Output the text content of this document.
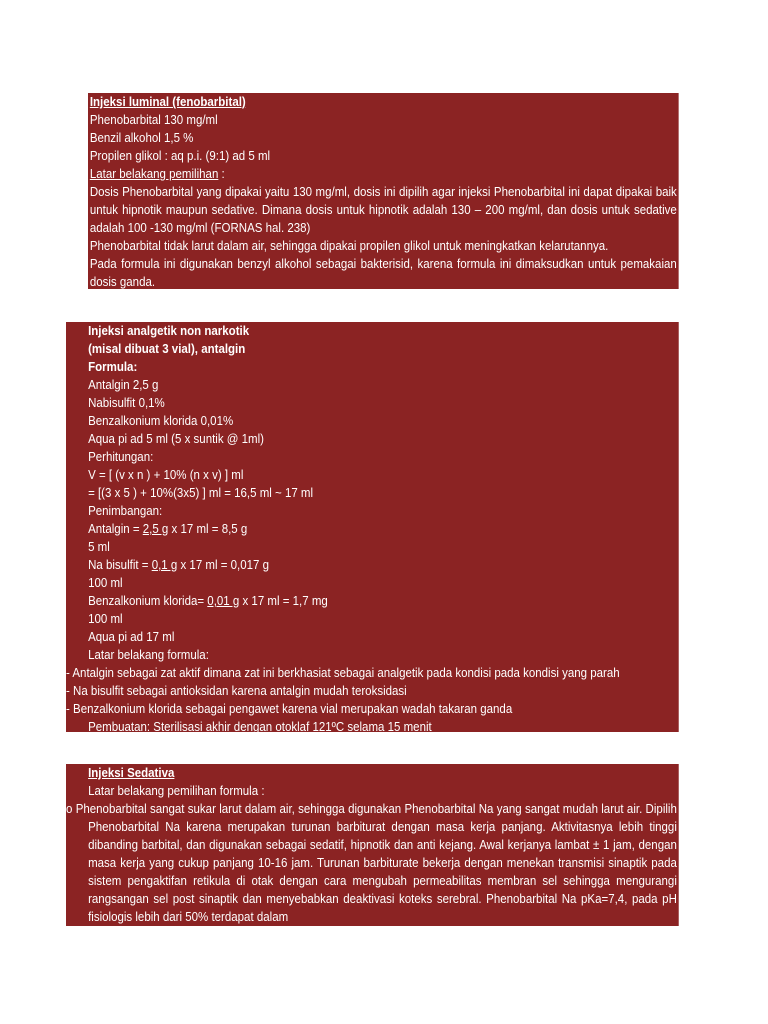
Injeksi luminal (fenobarbital)
Phenobarbital 130 mg/ml
Benzil alkohol 1,5 %
Propilen glikol : aq p.i. (9:1) ad 5 ml
Latar belakang pemilihan :
Dosis Phenobarbital yang dipakai yaitu 130 mg/ml, dosis ini dipilih agar injeksi Phenobarbital ini dapat dipakai baik untuk hipnotik maupun sedative. Dimana dosis untuk hipnotik adalah 130 – 200 mg/ml, dan dosis untuk sedative adalah 100 -130 mg/ml (FORNAS hal. 238)
Phenobarbital tidak larut dalam air, sehingga dipakai propilen glikol untuk meningkatkan kelarutannya.
Pada formula ini digunakan benzyl alkohol sebagai bakterisid, karena formula ini dimaksudkan untuk pemakaian dosis ganda.
Injeksi analgetik non narkotik
(misal dibuat 3 vial), antalgin
Formula:
Antalgin 2,5 g
Nabisulfit 0,1%
Benzalkonium klorida 0,01%
Aqua pi ad 5 ml (5 x suntik @ 1ml)
Perhitungan:
V = [ (v x n ) + 10% (n x v) ] ml
= [(3 x 5 ) + 10%(3x5) ] ml = 16,5 ml ~ 17 ml
Penimbangan:
Antalgin = 2,5 g x 17 ml = 8,5 g
5 ml
Na bisulfit = 0,1 g x 17 ml = 0,017 g
100 ml
Benzalkonium klorida= 0,01 g x 17 ml = 1,7 mg
100 ml
Aqua pi ad 17 ml
Latar belakang formula:
- Antalgin sebagai zat aktif dimana zat ini berkhasiat sebagai analgetik pada kondisi pada kondisi yang parah
- Na bisulfit sebagai antioksidan karena antalgin mudah teroksidasi
- Benzalkonium klorida sebagai pengawet karena vial merupakan wadah takaran ganda
Pembuatan: Sterilisasi akhir dengan otoklaf 121ºC selama 15 menit
Injeksi Sedativa
Latar belakang pemilihan formula :
o Phenobarbital sangat sukar larut dalam air, sehingga digunakan Phenobarbital Na yang sangat mudah larut air. Dipilih Phenobarbital Na karena merupakan turunan barbiturat dengan masa kerja panjang. Aktivitasnya lebih tinggi dibanding barbital, dan digunakan sebagai sedatif, hipnotik dan anti kejang. Awal kerjanya lambat ± 1 jam, dengan masa kerja yang cukup panjang 10-16 jam. Turunan barbiturate bekerja dengan menekan transmisi sinaptik pada sistem pengaktifan retikula di otak dengan cara mengubah permeabilitas membran sel sehingga mengurangi rangsangan sel post sinaptik dan menyebabkan deaktivasi koteks serebral. Phenobarbital Na pKa=7,4, pada pH fisiologis lebih dari 50% terdapat dalam
